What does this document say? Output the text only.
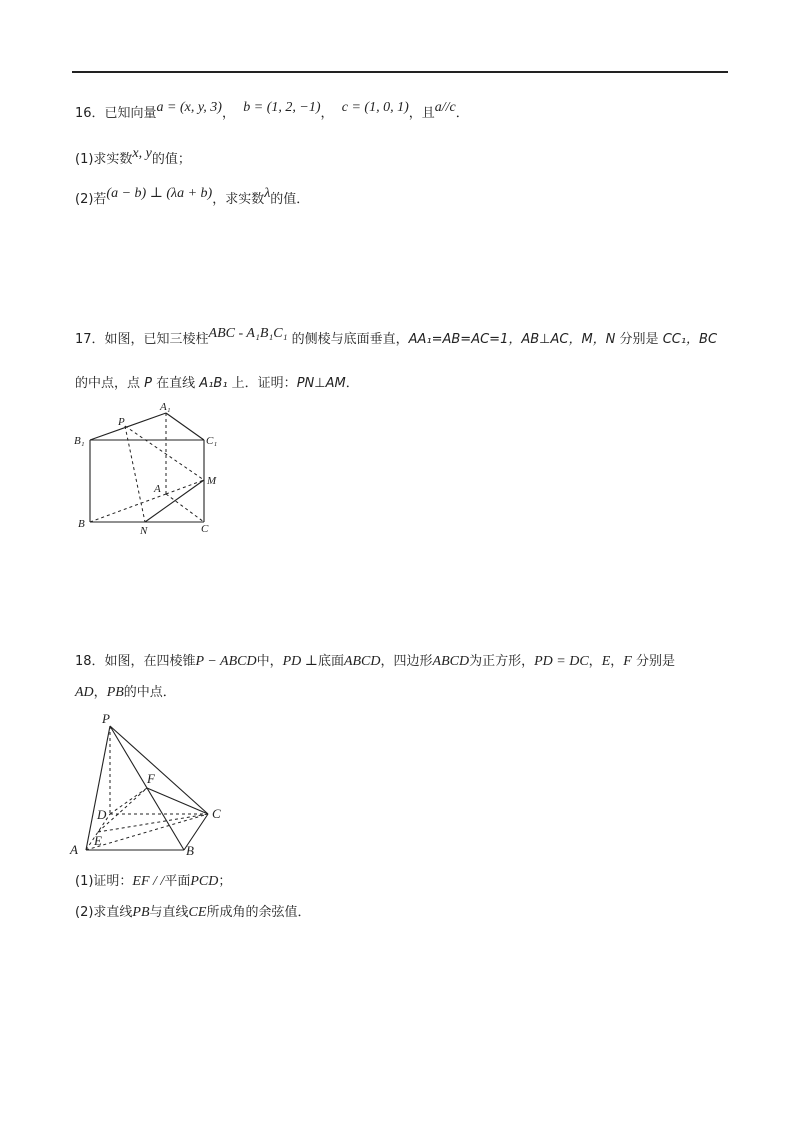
16．已知向量a = (x, y, 3)， b = (1, 2, −1)， c = (1, 0, 1)，且a//c．
(1)求实数x, y的值；
(2)若(a − b) ⊥ (λa + b)，求实数λ的值．
17．如图，已知三棱柱ABC - A₁B₁C₁ 的侧棱与底面垂直，AA₁=AB=AC=1，AB⊥AC，M，N 分别是 CC₁，BC
的中点，点 P 在直线 A₁B₁ 上．证明：PN⊥AM．
A₁
P
B₁	C₁
M
A
B
N	C
18．如图，在四棱锥P − ABCD中，PD ⊥底面ABCD，四边形ABCD为正方形，PD = DC，E，F 分别是
AD，PB的中点．
P
F
D	C
A
E
B
(1)证明：EF / /平面PCD；
(2)求直线PB与直线CE所成角的余弦值．
